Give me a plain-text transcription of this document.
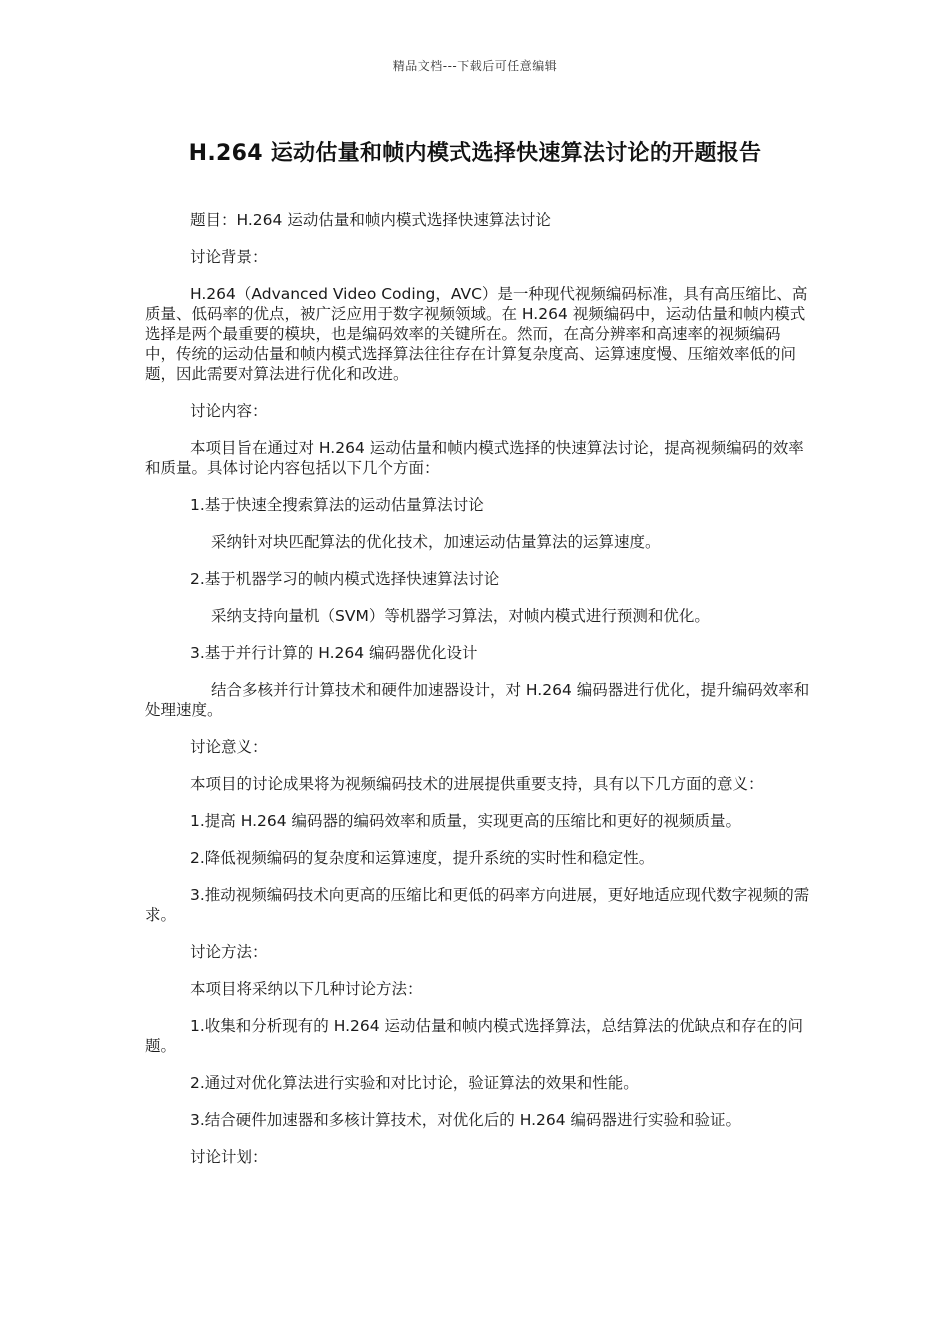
精品文档---下载后可任意编辑
H.264 运动估量和帧内模式选择快速算法讨论的开题报告

题目：H.264 运动估量和帧内模式选择快速算法讨论

讨论背景：

H.264（Advanced Video Coding，AVC）是一种现代视频编码标准，具有高压缩比、高质量、低码率的优点，被广泛应用于数字视频领域。在 H.264 视频编码中，运动估量和帧内模式选择是两个最重要的模块，也是编码效率的关键所在。然而，在高分辨率和高速率的视频编码中，传统的运动估量和帧内模式选择算法往往存在计算复杂度高、运算速度慢、压缩效率低的问题，因此需要对算法进行优化和改进。

讨论内容：

本项目旨在通过对 H.264 运动估量和帧内模式选择的快速算法讨论，提高视频编码的效率和质量。具体讨论内容包括以下几个方面：

1.基于快速全搜索算法的运动估量算法讨论

采纳针对块匹配算法的优化技术，加速运动估量算法的运算速度。

2.基于机器学习的帧内模式选择快速算法讨论

采纳支持向量机（SVM）等机器学习算法，对帧内模式进行预测和优化。

3.基于并行计算的 H.264 编码器优化设计

结合多核并行计算技术和硬件加速器设计，对 H.264 编码器进行优化，提升编码效率和处理速度。

讨论意义：

本项目的讨论成果将为视频编码技术的进展提供重要支持，具有以下几方面的意义：

1.提高 H.264 编码器的编码效率和质量，实现更高的压缩比和更好的视频质量。

2.降低视频编码的复杂度和运算速度，提升系统的实时性和稳定性。

3.推动视频编码技术向更高的压缩比和更低的码率方向进展，更好地适应现代数字视频的需求。

讨论方法：

本项目将采纳以下几种讨论方法：

1.收集和分析现有的 H.264 运动估量和帧内模式选择算法，总结算法的优缺点和存在的问题。

2.通过对优化算法进行实验和对比讨论，验证算法的效果和性能。

3.结合硬件加速器和多核计算技术，对优化后的 H.264 编码器进行实验和验证。

讨论计划：
